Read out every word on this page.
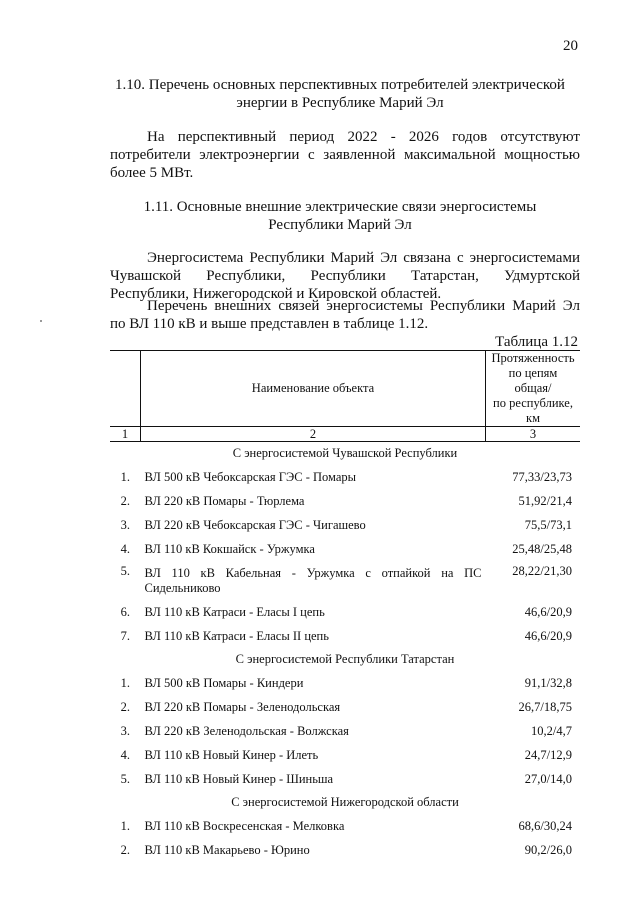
20
1.10. Перечень основных перспективных потребителей электрической
энергии в Республике Марий Эл
На перспективный период 2022 - 2026 годов отсутствуют
потребители электроэнергии с заявленной максимальной мощностью
более 5 МВт.
1.11. Основные внешние электрические связи энергосистемы
Республики Марий Эл
Энергосистема Республики Марий Эл связана с энергосистемами
Чувашской Республики, Республики Татарстан, Удмуртской
Республики, Нижегородской и Кировской областей.
Перечень внешних связей энергосистемы Республики Марий Эл
по ВЛ 110 кВ и выше представлен в таблице 1.12.
Таблица 1.12
	Наименование объекта	Протяженность
по цепям
общая/
по республике,
км

1	2	3
С энергосистемой Чувашской Республики		
1.	ВЛ 500 кВ Чебоксарская ГЭС - Помары	77,33/23,73
2.	ВЛ 220 кВ Помары - Тюрлема	51,92/21,4
3.	ВЛ 220 кВ Чебоксарская ГЭС - Чигашево	75,5/73,1
4.	ВЛ 110 кВ Кокшайск - Уржумка	25,48/25,48
5.	ВЛ 110 кВ Кабельная - Уржумка с отпайкой на ПС
Сидельниково	28,22/21,30
6.	ВЛ 110 кВ Катраси - Еласы I цепь	46,6/20,9
7.	ВЛ 110 кВ Катраси - Еласы II цепь	46,6/20,9
С энергосистемой Республики Татарстан		
1.	ВЛ 500 кВ Помары - Киндери	91,1/32,8
2.	ВЛ 220 кВ Помары - Зеленодольская	26,7/18,75
3.	ВЛ 220 кВ Зеленодольская - Волжская	10,2/4,7
4.	ВЛ 110 кВ Новый Кинер - Илеть	24,7/12,9
5.	ВЛ 110 кВ Новый Кинер - Шиньша	27,0/14,0
С энергосистемой Нижегородской области		
1.	ВЛ 110 кВ Воскресенская - Мелковка	68,6/30,24
2.	ВЛ 110 кВ Макарьево - Юрино	90,2/26,0
